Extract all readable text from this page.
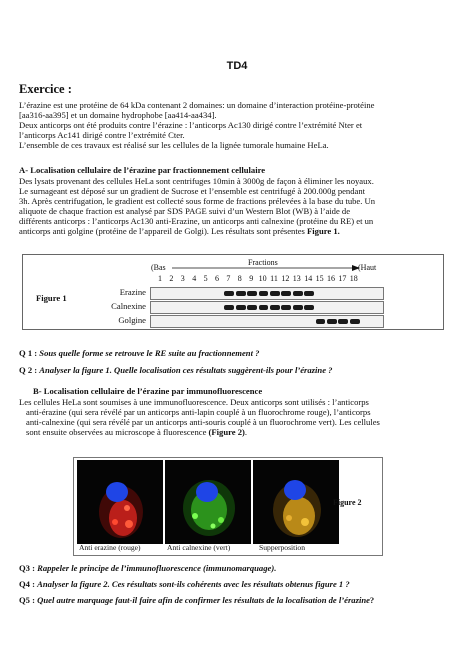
TD4
Exercice :
L’érazine est une protéine de 64 kDa contenant 2 domaines: un domaine d’interaction protéine-protéine
[aa316-aa395] et un domaine hydrophobe [aa414-aa434].
Deux anticorps ont été produits contre l’érazine : l’anticorps Ac130 dirigé contre l’extrémité Nter et
l’anticorps Ac141 dirigé contre l’extrémité Cter.
L’ensemble de ces travaux est réalisé sur les cellules de la lignée tumorale humaine HeLa.
A- Localisation cellulaire de l’érazine par fractionnement cellulaire
Des lysats provenant des cellules HeLa sont centrifuges 10min à 3000g de façon à éliminer les noyaux.
Le surnageant est déposé sur un gradient de Sucrose et l’ensemble est centrifugé à 200.000g pendant
3h. Après centrifugation, le gradient est collecté sous forme de fractions prélevées à la base du tube. Un
aliquote de chaque fraction est analysé par SDS PAGE suivi d’un Western Blot (WB) à l’aide de
différents anticorps : l’anticorps Ac130 anti-Erazine, un anticorps anti calnexine (protéine du RE) et un
anticorps anti golgine (protéine de l’appareil de Golgi). Les résultats sont présentes Figure 1.
Figure 1
(Bas
Fractions
(Haut
1 2 3 4 5 6 7 8 9 10 11 12 13 14 15 16 17 18
Erazine
Calnexine
Golgine
Q 1 : Sous quelle forme se retrouve le RE suite au fractionnement ?
Q 2 : Analyser la figure 1. Quelle localisation ces résultats suggèrent-ils pour l’érazine ?
B- Localisation cellulaire de l’érazine par immunofluorescence
Les cellules HeLa sont soumises à une immunofluorescence. Deux anticorps sont utilisés : l’anticorps
anti-érazine (qui sera révélé par un anticorps anti-lapin couplé à un fluorochrome rouge), l’anticorps
anti-calnexine (qui sera révélé par un anticorps anti-souris couplé à un fluorochrome vert). Les cellules
sont ensuite observées au microscope à fluorescence (Figure 2).
Anti erazine (rouge)	Anti calnexine (vert)	Supperposition
Figure 2
Q3 : Rappeler le principe de l’immunofluorescence (immunomarquage).
Q4 : Analyser la figure 2. Ces résultats sont-ils cohérents avec les résultats obtenus figure 1 ?
Q5 : Quel autre marquage faut-il faire afin de confirmer les résultats de la localisation de l’érazine?
